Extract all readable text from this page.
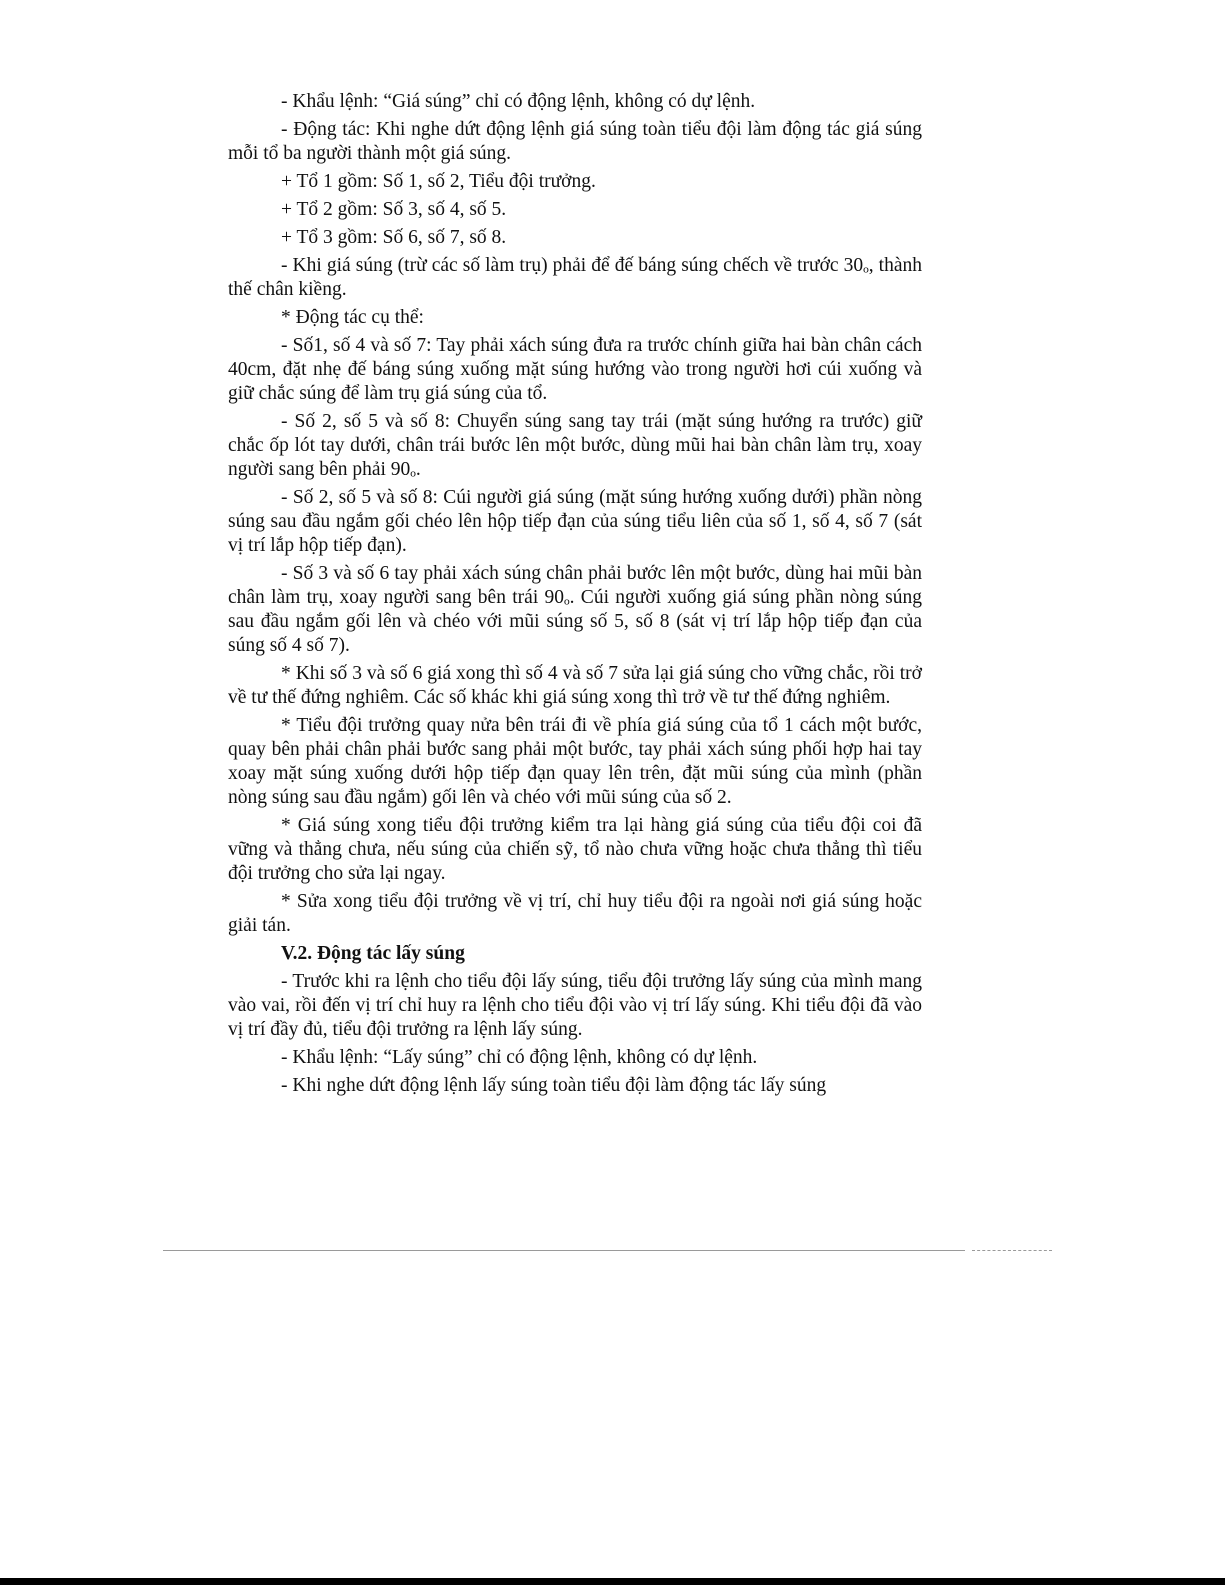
- Khẩu lệnh: “Giá súng” chỉ có động lệnh, không có dự lệnh.

- Động tác: Khi nghe dứt động lệnh giá súng toàn tiểu đội làm động tác giá súng mỗi tổ ba người thành một giá súng.

+ Tổ 1 gồm: Số 1, số 2, Tiểu đội trưởng.

+ Tổ 2 gồm: Số 3, số 4, số 5.

+ Tổ 3 gồm: Số 6, số 7, số 8.

- Khi giá súng (trừ các số làm trụ) phải để đế báng súng chếch về trước 30ₒ, thành thế chân kiềng.

* Động tác cụ thể:

- Số1, số 4 và số 7: Tay phải xách súng đưa ra trước chính giữa hai bàn chân cách 40cm, đặt nhẹ đế báng súng xuống mặt súng hướng vào trong người hơi cúi xuống và giữ chắc súng để làm trụ giá súng của tổ.

- Số 2, số 5 và số 8: Chuyển súng sang tay trái (mặt súng hướng ra trước) giữ chắc ốp lót tay dưới, chân trái bước lên một bước, dùng mũi hai bàn chân làm trụ, xoay người sang bên phải 90ₒ.

- Số 2, số 5 và số 8: Cúi người giá súng (mặt súng hướng xuống dưới) phần nòng súng sau đầu ngắm gối chéo lên hộp tiếp đạn của súng tiểu liên của số 1, số 4, số 7 (sát vị trí lắp hộp tiếp đạn).

- Số 3 và số 6 tay phải xách súng chân phải bước lên một bước, dùng hai mũi bàn chân làm trụ, xoay người sang bên trái 90ₒ. Cúi người xuống giá súng phần nòng súng sau đầu ngắm gối lên và chéo với mũi súng số 5, số 8 (sát vị trí lắp hộp tiếp đạn của súng số 4 số 7).

* Khi số 3 và số 6 giá xong thì số 4 và số 7 sửa lại giá súng cho vững chắc, rồi trở về tư thế đứng nghiêm. Các số khác khi giá súng xong thì trở về tư thế đứng nghiêm.

* Tiểu đội trưởng quay nửa bên trái đi về phía giá súng của tổ 1 cách một bước, quay bên phải chân phải bước sang phải một bước, tay phải xách súng phối hợp hai tay xoay mặt súng xuống dưới hộp tiếp đạn quay lên trên, đặt mũi súng của mình (phần nòng súng sau đầu ngắm) gối lên và chéo với mũi súng của số 2.

* Giá súng xong tiểu đội trưởng kiểm tra lại hàng giá súng của tiểu đội coi đã vững và thẳng chưa, nếu súng của chiến sỹ, tổ nào chưa vững hoặc chưa thẳng thì tiểu đội trưởng cho sửa lại ngay.

* Sửa xong tiểu đội trưởng về vị trí, chỉ huy tiểu đội ra ngoài nơi giá súng hoặc giải tán.

V.2. Động tác lấy súng

- Trước khi ra lệnh cho tiểu đội lấy súng, tiểu đội trưởng lấy súng của mình mang vào vai, rồi đến vị trí chỉ huy ra lệnh cho tiểu đội vào vị trí lấy súng. Khi tiểu đội đã vào vị trí đầy đủ, tiểu đội trưởng ra lệnh lấy súng.

- Khẩu lệnh: “Lấy súng” chỉ có động lệnh, không có dự lệnh.

- Khi nghe dứt động lệnh lấy súng toàn tiểu đội làm động tác lấy súng
